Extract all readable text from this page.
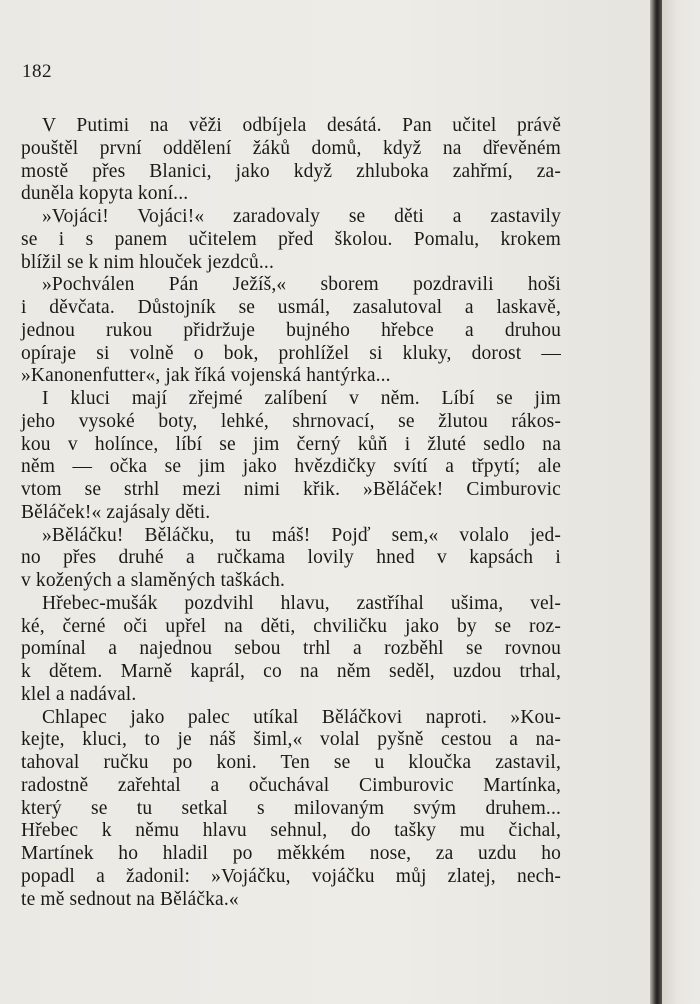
182
V Putimi na věži odbíjela desátá. Pan učitel právě
pouštěl první oddělení žáků domů, když na dřevěném
mostě přes Blanici, jako když zhluboka zahřmí, za-
duněla kopyta koní...
»Vojáci! Vojáci!« zaradovaly se děti a zastavily
se i s panem učitelem před školou. Pomalu, krokem
blížil se k nim hlouček jezdců...
»Pochválen Pán Ježíš,« sborem pozdravili hoši
i děvčata. Důstojník se usmál, zasalutoval a laskavě,
jednou rukou přidržuje bujného hřebce a druhou
opíraje si volně o bok, prohlížel si kluky, dorost —
»Kanonenfutter«, jak říká vojenská hantýrka...
I kluci mají zřejmé zalíbení v něm. Líbí se jim
jeho vysoké boty, lehké, shrnovací, se žlutou rákos-
kou v holínce, líbí se jim černý kůň i žluté sedlo na
něm — očka se jim jako hvězdičky svítí a třpytí; ale
vtom se strhl mezi nimi křik. »Běláček! Cimburovic
Běláček!« zajásaly děti.
»Běláčku! Běláčku, tu máš! Pojď sem,« volalo jed-
no přes druhé a ručkama lovily hned v kapsách i
v kožených a slaměných taškách.
Hřebec-mušák pozdvihl hlavu, zastříhal ušima, vel-
ké, černé oči upřel na děti, chviličku jako by se roz-
pomínal a najednou sebou trhl a rozběhl se rovnou
k dětem. Marně kaprál, co na něm seděl, uzdou trhal,
klel a nadával.
Chlapec jako palec utíkal Běláčkovi naproti. »Kou-
kejte, kluci, to je náš šiml,« volal pyšně cestou a na-
tahoval ručku po koni. Ten se u kloučka zastavil,
radostně zařehtal a očuchával Cimburovic Martínka,
který se tu setkal s milovaným svým druhem...
Hřebec k němu hlavu sehnul, do tašky mu čichal,
Martínek ho hladil po měkkém nose, za uzdu ho
popadl a žadonil: »Vojáčku, vojáčku můj zlatej, nech-
te mě sednout na Běláčka.«
